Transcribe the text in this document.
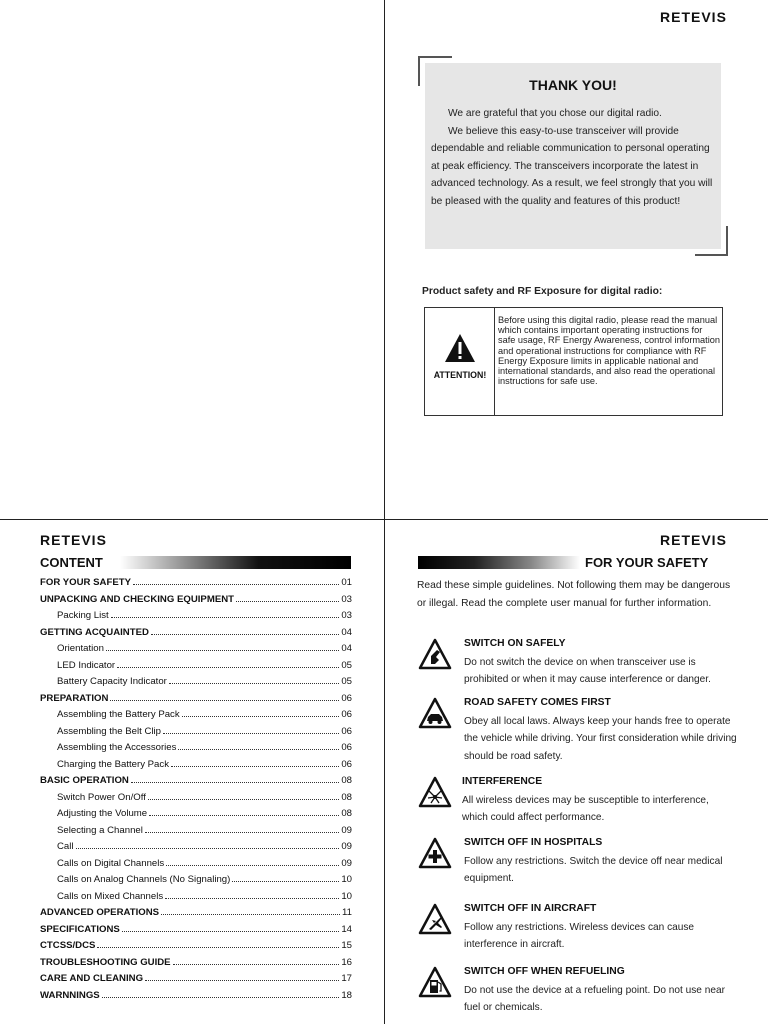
RETEVIS
THANK YOU!

We are grateful that you chose our digital radio.

We believe this easy-to-use transceiver will provide dependable and reliable communication to personal operating at peak efficiency. The transceivers incorporate the latest in advanced technology. As a result, we feel strongly that you will be pleased with the quality and features of this product!

Product safety and RF Exposure for digital radio:
ATTENTION!
Before using this digital radio, please read the manual which contains important operating instructions for safe usage, RF Energy Awareness, control information and operational instructions for compliance with RF Energy Exposure limits in applicable national and international standards, and also read the operational instructions for safe use.
RETEVIS
CONTENT
FOR YOUR SAFETY	01
UNPACKING AND CHECKING EQUIPMENT	03
Packing List	03
GETTING ACQUAINTED	04
Orientation	04
LED Indicator	05
Battery Capacity Indicator	05
PREPARATION	06
Assembling the Battery Pack	06
Assembling the Belt Clip	06
Assembling the Accessories	06
Charging the Battery Pack	06
BASIC OPERATION	08
Switch Power On/Off	08
Adjusting the Volume	08
Selecting a Channel	09
Call	09
Calls on Digital Channels	09
Calls on Analog Channels (No Signaling)	10
Calls on Mixed Channels	10
ADVANCED OPERATIONS	11
SPECIFICATIONS	14
CTCSS/DCS	15
TROUBLESHOOTING GUIDE	16
CARE AND CLEANING	17
WARNNINGS	18
RETEVIS
FOR YOUR SAFETY
Read these simple guidelines. Not following them may be dangerous or illegal. Read the complete user manual for further information.
SWITCH ON SAFELY

Do not switch the device on when transceiver use is prohibited or when it may cause interference or danger.

ROAD SAFETY COMES FIRST

Obey all local laws. Always keep your hands free to operate the vehicle while driving. Your first consideration while driving should be road safety.

INTERFERENCE

All wireless devices may be susceptible to interference, which could affect performance.

SWITCH OFF IN HOSPITALS

Follow any restrictions. Switch the device off near medical equipment.

SWITCH OFF IN AIRCRAFT

Follow any restrictions. Wireless devices can cause interference in aircraft.

SWITCH OFF WHEN REFUELING

Do not use the device at a refueling point. Do not use near fuel or chemicals.
